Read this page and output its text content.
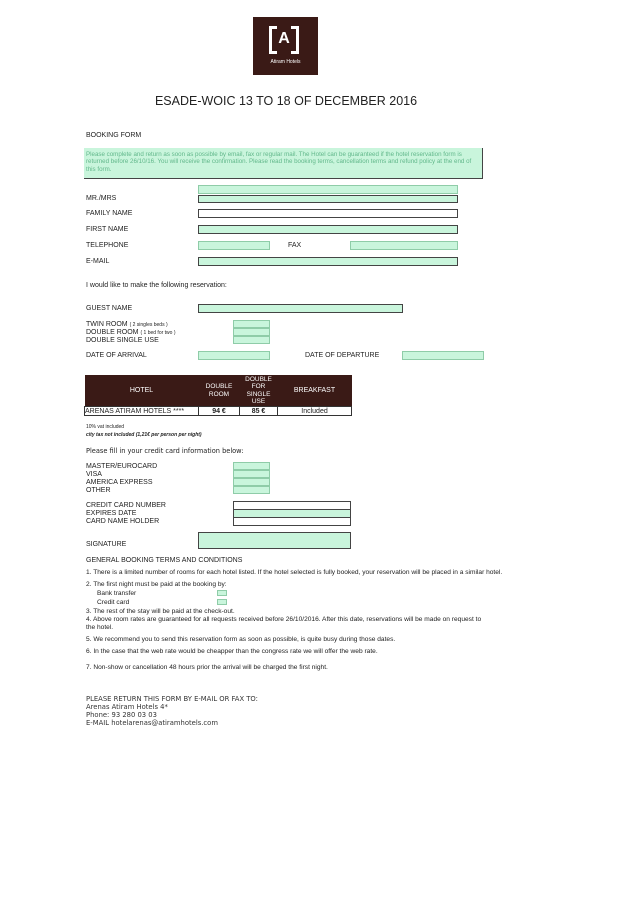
A
Atiram Hotels
ESADE-WOIC 13 TO 18 OF DECEMBER 2016
BOOKING FORM
Please complete and return as soon as possible by email, fax or regular mail. The Hotel can be guaranteed if the hotel reservation form is returned before 26/10/16. You will receive the confirmation. Please read the booking terms, cancellation terms and refund policy at the end of this form.
MR./MRS
FAMILY NAME
FIRST NAME
TELEPHONE	FAX
E-MAIL
I would like to make the following reservation:
GUEST NAME
TWIN ROOM ( 2 singles beds )
DOUBLE ROOM ( 1 bed for two )
DOUBLE SINGLE USE
DATE OF ARRIVAL	DATE OF DEPARTURE
HOTEL	DOUBLE ROOM	DOUBLE FOR SINGLE USE	BREAKFAST
ARENAS ATIRAM HOTELS ****	94 €	85 €	Included
10% vat included
city tax not included (1,21€ per person per night)
Please fill in your credit card information below:
MASTER/EUROCARD
VISA
AMERICA EXPRESS
OTHER
CREDIT CARD NUMBER
EXPIRES DATE
CARD NAME HOLDER
SIGNATURE
GENERAL BOOKING TERMS AND CONDITIONS
1. There is a limited number of rooms for each hotel listed. If the hotel selected is fully booked, your reservation will be placed in a similar hotel.
2. The first night must be paid at the booking by:
Bank transfer
Credit card
3. The rest of the stay will be paid at the check-out.
4. Above room rates are guaranteed for all requests received before 26/10/2016. After this date, reservations will be made on request to
the hotel.
5. We recommend you to send this reservation form as soon as possible, is quite busy during those dates.
6. In the case that the web rate would be cheapper than the congress rate we will offer the web rate.
7. Non-show or cancellation 48 hours prior the arrival will be charged the first night.
PLEASE RETURN THIS FORM BY E-MAIL OR FAX TO:
Arenas Atiram Hotels 4*
Phone: 93 280 03 03
E-MAIL hotelarenas@atiramhotels.com
